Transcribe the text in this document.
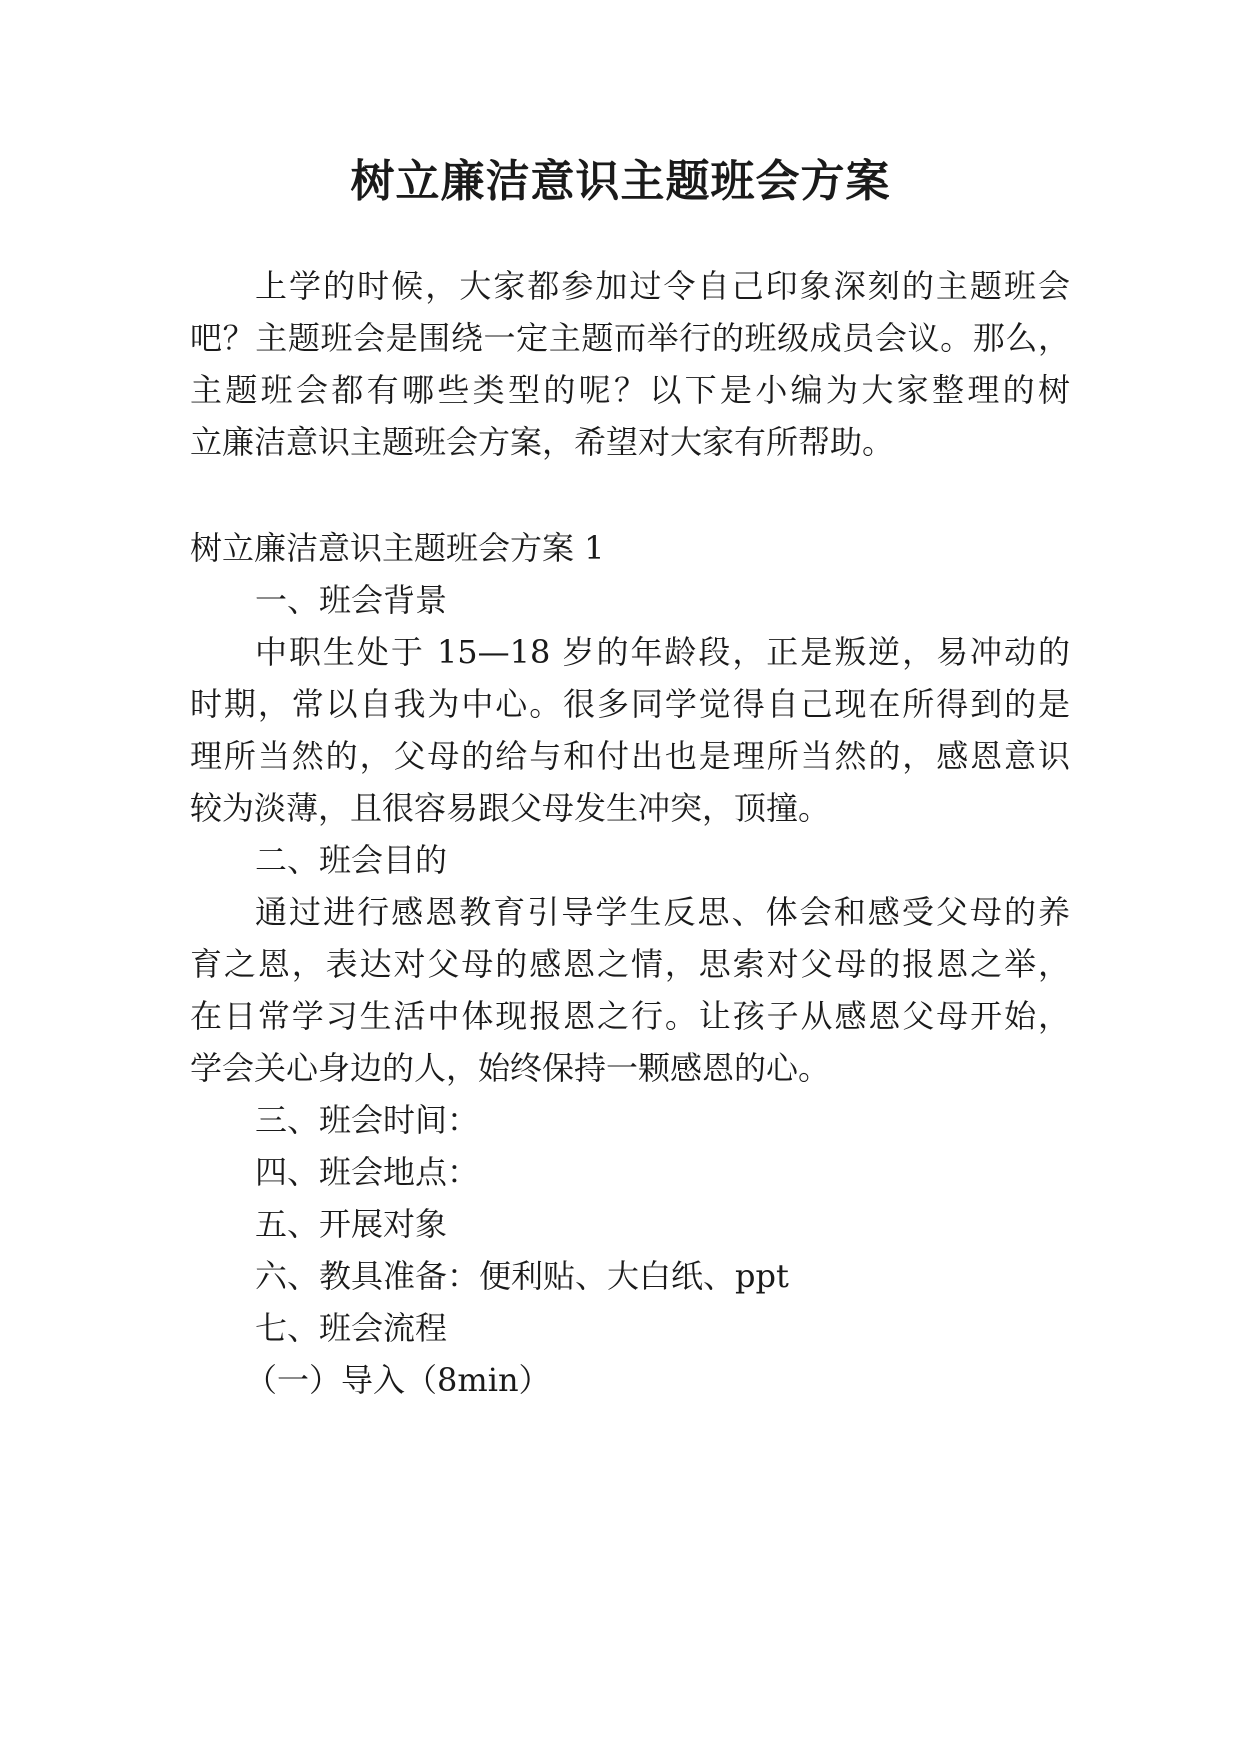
树立廉洁意识主题班会方案
上学的时候，大家都参加过令自己印象深刻的主题班会
吧？主题班会是围绕一定主题而举行的班级成员会议。那么，
主题班会都有哪些类型的呢？以下是小编为大家整理的树
立廉洁意识主题班会方案，希望对大家有所帮助。
树立廉洁意识主题班会方案 1
一、班会背景
中职生处于 15—18 岁的年龄段，正是叛逆，易冲动的
时期，常以自我为中心。很多同学觉得自己现在所得到的是
理所当然的，父母的给与和付出也是理所当然的，感恩意识
较为淡薄，且很容易跟父母发生冲突，顶撞。
二、班会目的
通过进行感恩教育引导学生反思、体会和感受父母的养
育之恩，表达对父母的感恩之情，思索对父母的报恩之举，
在日常学习生活中体现报恩之行。让孩子从感恩父母开始，
学会关心身边的人，始终保持一颗感恩的心。
三、班会时间：
四、班会地点：
五、开展对象
六、教具准备：便利贴、大白纸、ppt
七、班会流程
（一）导入（8min）
